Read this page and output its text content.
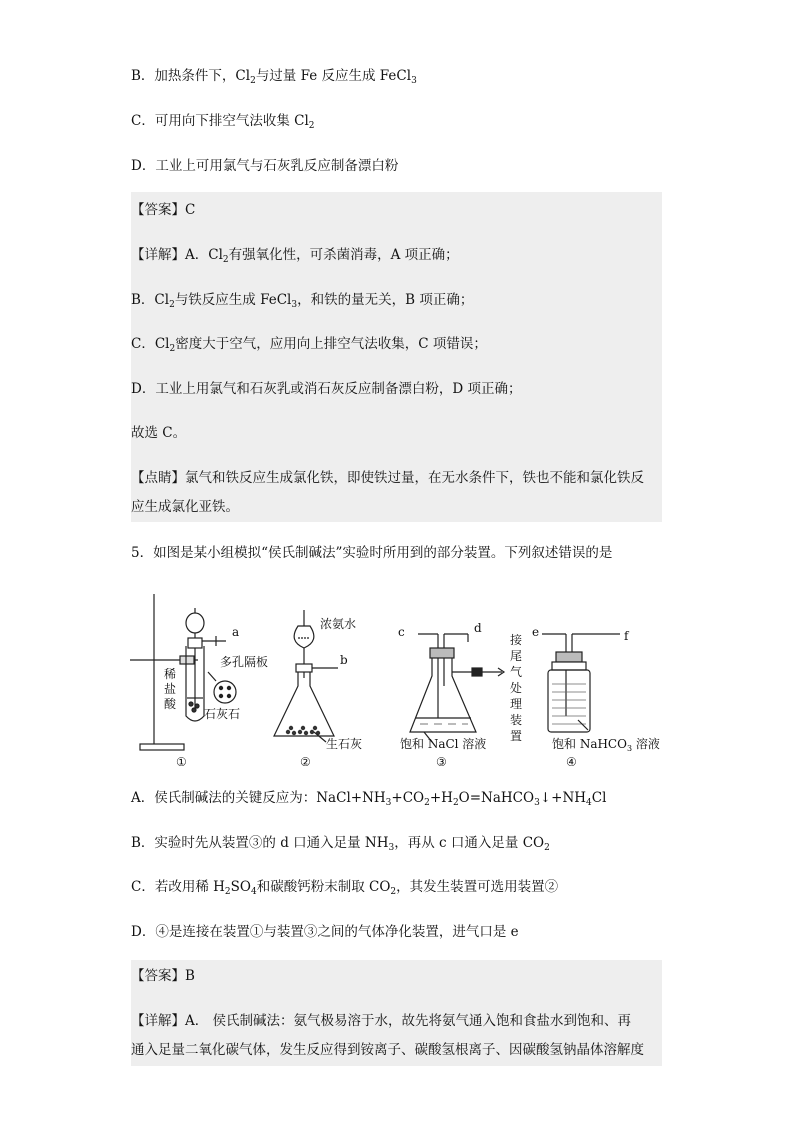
B．加热条件下，$Cl_2$与过量 Fe 反应生成 FeCl$_3$
C．可用向下排空气法收集 $Cl_2$
D．工业上可用氯气与石灰乳反应制备漂白粉
【答案】C
【详解】A．$Cl_2$有强氧化性，可杀菌消毒，A 项正确；
B．$Cl_2$与铁反应生成 FeCl$_3$，和铁的量无关，B 项正确；
C．$Cl_2$密度大于空气，应用向上排空气法收集，C 项错误；
D．工业上用氯气和石灰乳或消石灰反应制备漂白粉，D 项正确；
故选 C。
【点睛】氯气和铁反应生成氯化铁，即使铁过量，在无水条件下，铁也不能和氯化铁反
应生成氯化亚铁。
5．如图是某小组模拟“侯氏制碱法”实验时所用到的部分装置。下列叙述错误的是
a
多孔隔板
稀
盐
酸
石灰石
浓氨水
b
生石灰
c	d
饱和 NaCl 溶液
接
尾
气
处
理
装
置
e	f
饱和 NaHCO$_3$ 溶液
①	②	③	④
A．侯氏制碱法的关键反应为：$NaCl+NH_3+CO_2+H_2O=NaHCO_3↓+NH_4Cl$
B．实验时先从装置③的 d 口通入足量 $NH_3$，再从 c 口通入足量 $CO_2$
C．若改用稀 $H_2SO_4$和碳酸钙粉末制取 $CO_2$，其发生装置可选用装置②
D．④是连接在装置①与装置③之间的气体净化装置，进气口是 e
【答案】B
【详解】A． 侯氏制碱法：氨气极易溶于水，故先将氨气通入饱和食盐水到饱和、再
通入足量二氧化碳气体，发生反应得到铵离子、碳酸氢根离子、因碳酸氢钠晶体溶解度
